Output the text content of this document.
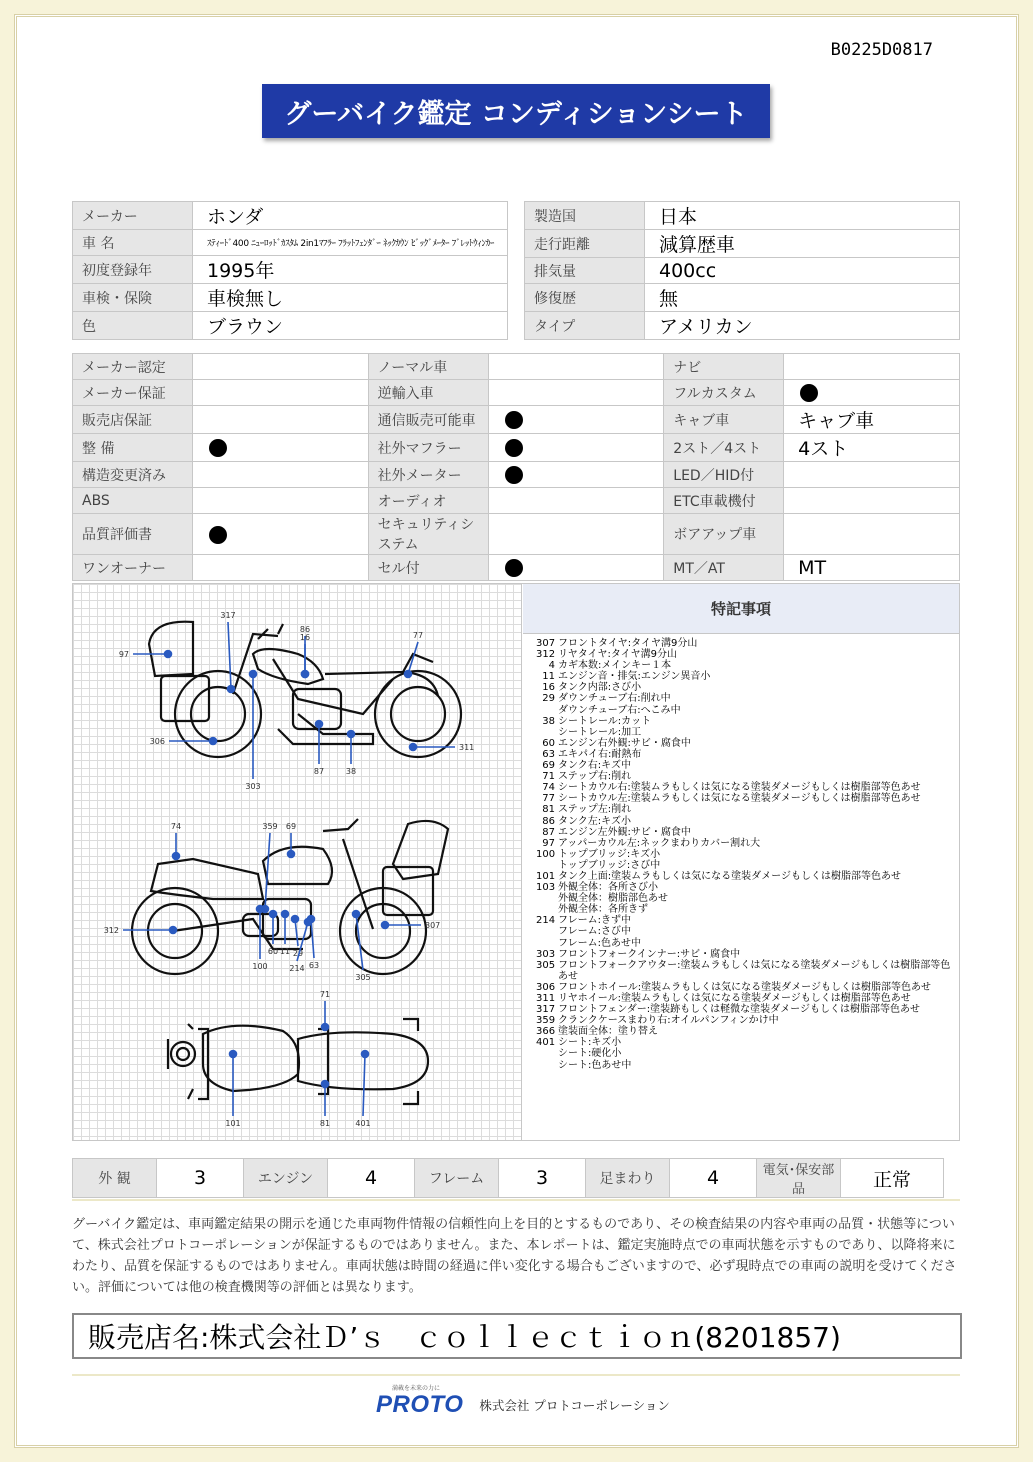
B0225D0817
グーバイク鑑定 コンディションシート
メーカー	ホンダ
車 名	ｽﾃｨｰﾄﾞ400 ﾆｭｰﾛｯﾄﾞｶｽﾀﾑ 2in1ﾏﾌﾗｰ ﾌﾗｯﾄﾌｪﾝﾀﾞｰ ﾈｯｸｶｳﾝ ﾋﾞｯｸﾞﾒｰﾀｰ ﾌﾞﾚｯﾄｳｨﾝｶｰ
初度登録年	1995年
車検・保険	車検無し
色	ブラウン
製造国	日本
走行距離	減算歴車
排気量	400cc
修復歴	無
タイプ	アメリカン
メーカー認定		ノーマル車		ナビ	
メーカー保証		逆輸入車		フルカスタム	
販売店保証		通信販売可能車		キャブ車	キャブ車
整 備		社外マフラー		2スト／4スト	4スト
構造変更済み		社外メーター		LED／HID付	
ABS		オーディオ		ETC車載機付	
品質評価書		セキュリティシステム		ボアアップ車	
ワンオーナー		セル付		MT／AT	MT
97
317
86
16	77
306
303
87	38
311
74	359 69
312
60 11 29
100	214 63
305
307
71
101	81	401
特記事項
307 フロントタイヤ:タイヤ溝9分山
312 リヤタイヤ:タイヤ溝9分山
4 カギ本数:メインキー１本
11 エンジン音・排気:エンジン異音小
16 タンク内部:さび小
29 ダウンチューブ右:削れ中
ダウンチューブ右:へこみ中
38 シートレール:カット
シートレール:加工
60 エンジン右外観:サビ・腐食中
63 エキパイ右:耐熱布
69 タンク右:キズ中
71 ステップ右:削れ
74 シートカウル右:塗装ムラもしくは気になる塗装ダメージもしくは樹脂部等色あせ
77 シートカウル左:塗装ムラもしくは気になる塗装ダメージもしくは樹脂部等色あせ
81 ステップ左:削れ
86 タンク左:キズ小
87 エンジン左外観:サビ・腐食中
97 アッパーカウル左:ネックまわりカバー割れ大
100 トップブリッジ:キズ小
トップブリッジ:さび中
101 タンク上面:塗装ムラもしくは気になる塗装ダメージもしくは樹脂部等色あせ
103 外観全体：各所さび小
外観全体：樹脂部色あせ
外観全体：各所きず
214 フレーム:きず中
フレーム:さび中
フレーム:色あせ中
303 フロントフォークインナー:サビ・腐食中
305 フロントフォークアウター:塗装ムラもしくは気になる塗装ダメージもしくは樹脂部等色あせ
306 フロントホイール:塗装ムラもしくは気になる塗装ダメージもしくは樹脂部等色あせ
311 リヤホイール:塗装ムラもしくは気になる塗装ダメージもしくは樹脂部等色あせ
317 フロントフェンダー:塗装跡もしくは軽微な塗装ダメージもしくは樹脂部等色あせ
359 クランクケースまわり右:オイルパンフィンかけ中
366 塗装面全体：塗り替え
401 シート:キズ小
シート:硬化小
シート:色あせ中
外 観	3	エンジン	4	フレーム	3	足まわり	4	電気･保安部品	正常
グーバイク鑑定は、車両鑑定結果の開示を通じた車両物件情報の信頼性向上を目的とするものであり、その検査結果の内容や車両の品質・状態等について、株式会社プロトコーポレーションが保証するものではありません。また、本レポートは、鑑定実施時点での車両状態を示すものであり、以降将来にわたり、品質を保証するものではありません。車両状態は時間の経過に伴い変化する場合もございますので、必ず現時点での車両の説明を受けてください。評価については他の検査機関等の評価とは異なります。
販売店名:株式会社Ｄ’ｓ　ｃｏｌｌｅｃｔｉｏｎ(8201857)
満載を未来の力に
PROTO 株式会社 プロトコーポレーション
